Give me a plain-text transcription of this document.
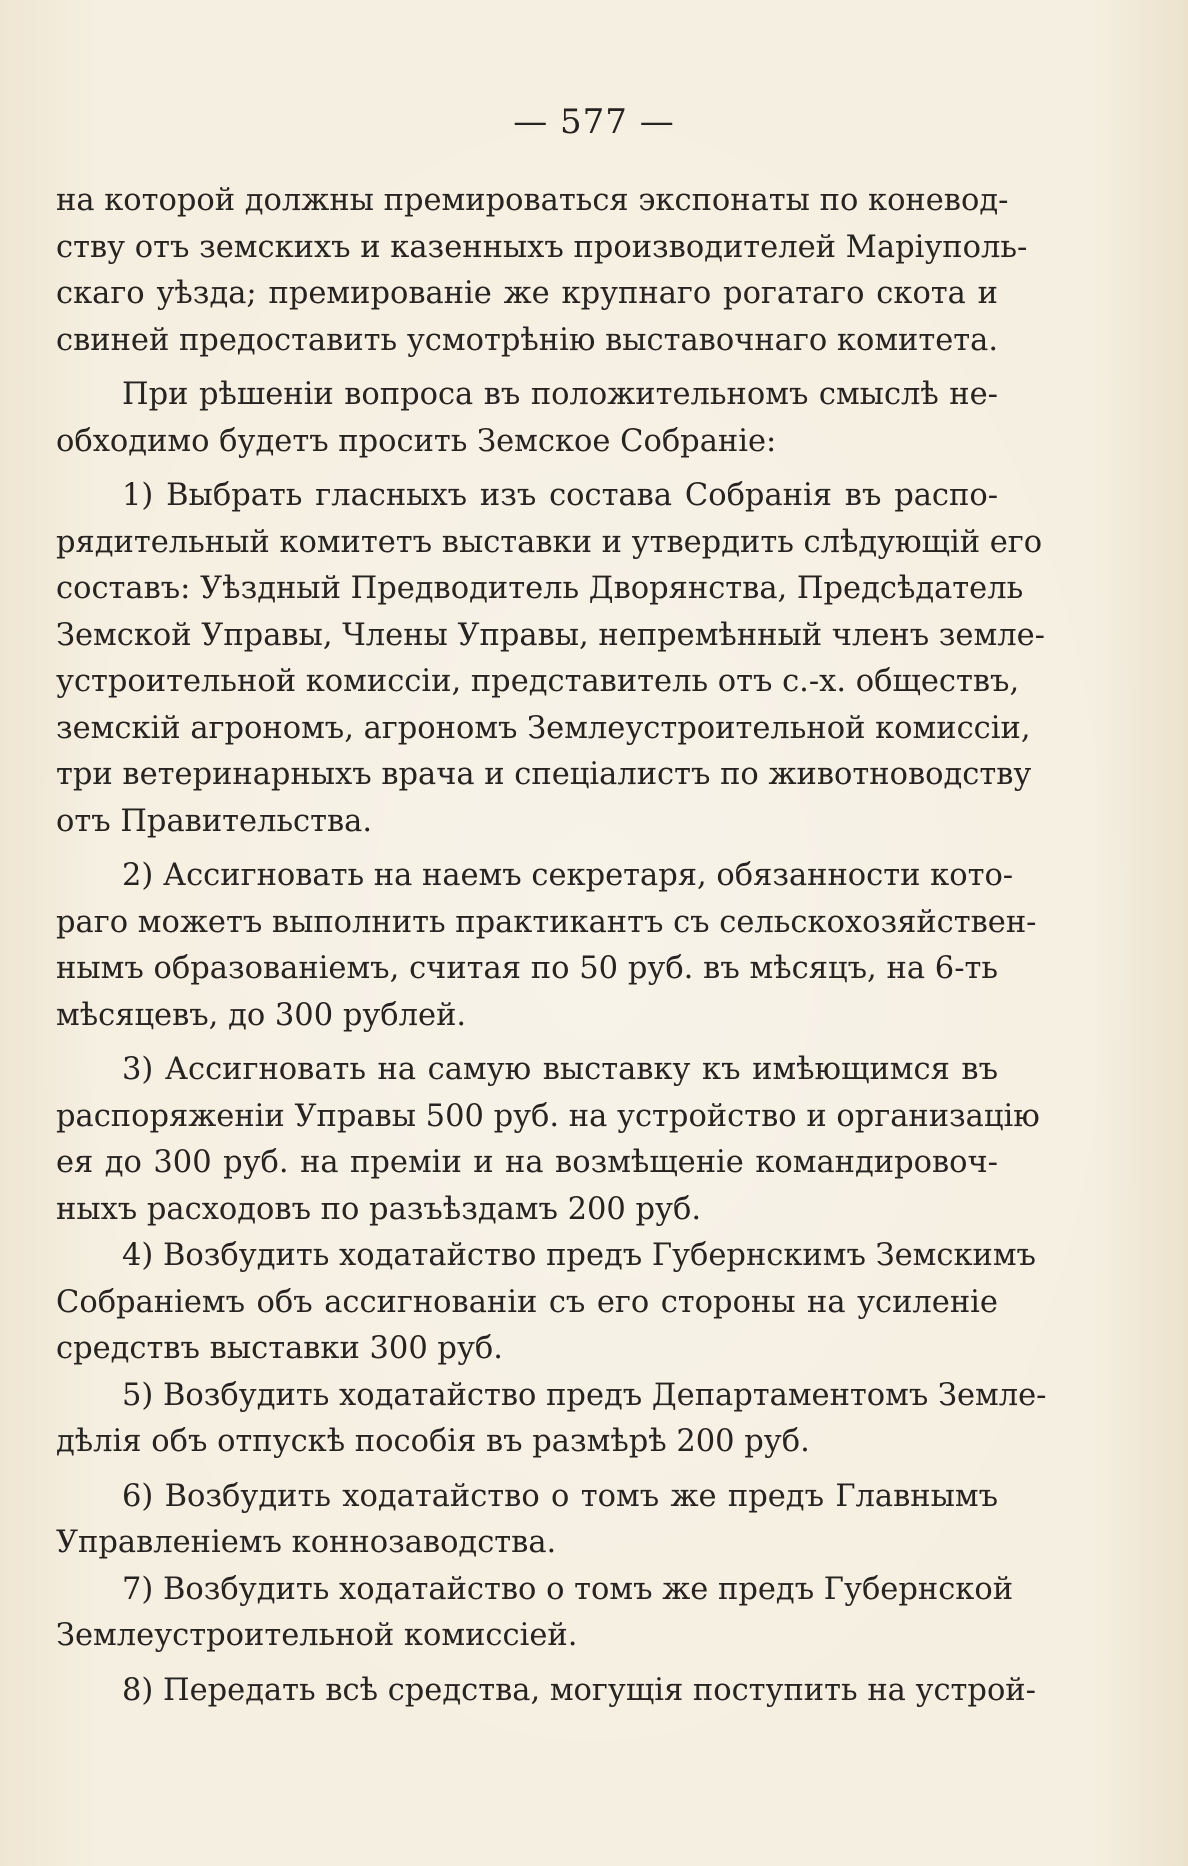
— 577 —
на которой должны премироваться экспонаты по коневод-
ству отъ земскихъ и казенныхъ производителей Маріуполь-
скаго уѣзда; премированіе же крупнаго рогатаго скота и
свиней предоставить усмотрѣнію выставочнаго комитета.
При рѣшеніи вопроса въ положительномъ смыслѣ не-
обходимо будетъ просить Земское Собраніе:
1) Выбрать гласныхъ изъ состава Собранія въ распо-
рядительный комитетъ выставки и утвердить слѣдующій его
составъ: Уѣздный Предводитель Дворянства, Предсѣдатель
Земской Управы, Члены Управы, непремѣнный членъ земле-
устроительной комиссіи, представитель отъ с.-х. обществъ,
земскій агрономъ, агрономъ Землеустроительной комиссіи,
три ветеринарныхъ врача и спеціалистъ по животноводству
отъ Правительства.
2) Ассигновать на наемъ секретаря, обязанности кото-
раго можетъ выполнить практикантъ съ сельскохозяйствен-
нымъ образованіемъ, считая по 50 руб. въ мѣсяцъ, на 6-ть
мѣсяцевъ, до 300 рублей.
3) Ассигновать на самую выставку къ имѣющимся въ
распоряженіи Управы 500 руб. на устройство и организацію
ея до 300 руб. на преміи и на возмѣщеніе командировоч-
ныхъ расходовъ по разъѣздамъ 200 руб.
4) Возбудить ходатайство предъ Губернскимъ Земскимъ
Собраніемъ объ ассигнованіи съ его стороны на усиленіе
средствъ выставки 300 руб.
5) Возбудить ходатайство предъ Департаментомъ Земле-
дѣлія объ отпускѣ пособія въ размѣрѣ 200 руб.
6) Возбудить ходатайство о томъ же предъ Главнымъ
Управленіемъ коннозаводства.
7) Возбудить ходатайство о томъ же предъ Губернской
Землеустроительной комиссіей.
8) Передать всѣ средства, могущія поступить на устрой-
